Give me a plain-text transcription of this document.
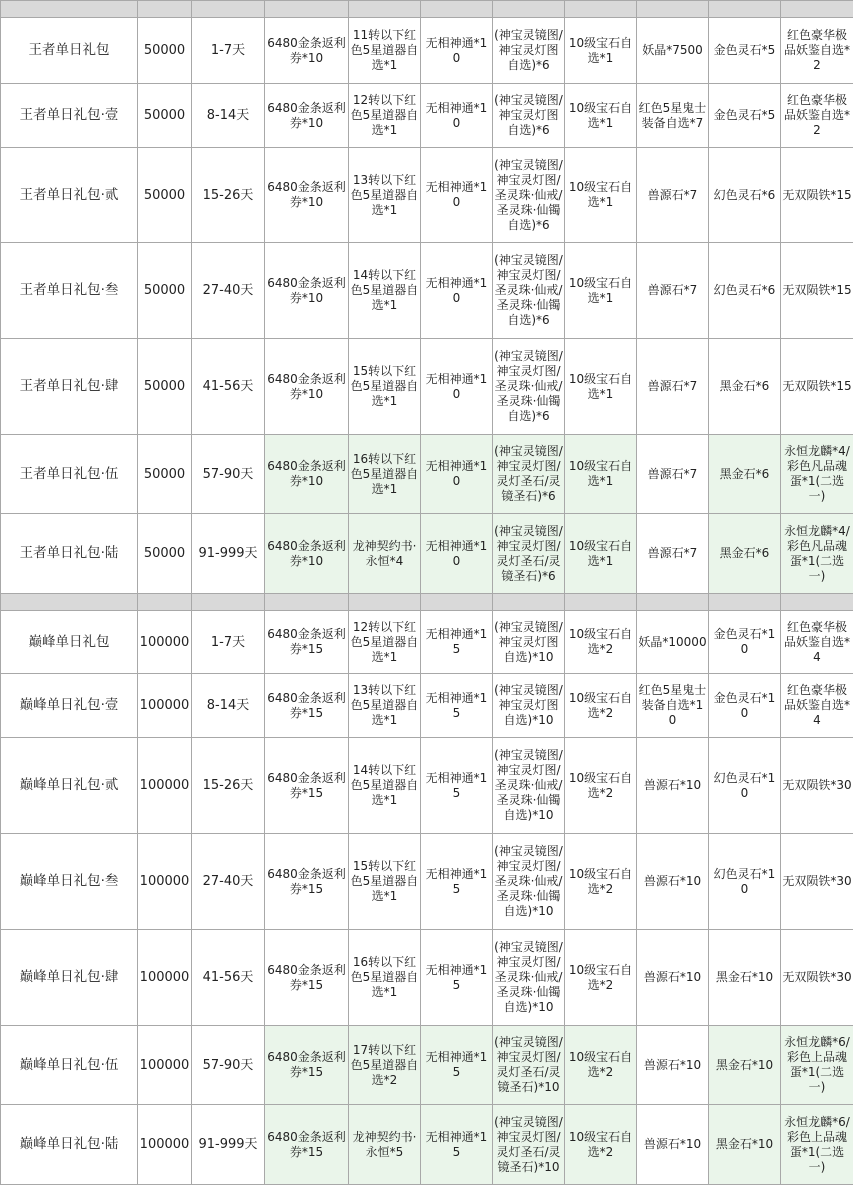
王者单日礼包	50000	1-7天	6480金条返利券*10	11转以下红色5星道器自选*1	无相神通*10	(神宝灵镜图/神宝灵灯图自选)*6	10级宝石自选*1	妖晶*7500	金色灵石*5	红色豪华极品妖鉴自选*2
王者单日礼包·壹	50000	8-14天	6480金条返利券*10	12转以下红色5星道器自选*1	无相神通*10	(神宝灵镜图/神宝灵灯图自选)*6	10级宝石自选*1	红色5星鬼士装备自选*7	金色灵石*5	红色豪华极品妖鉴自选*2
王者单日礼包·贰	50000	15-26天	6480金条返利券*10	13转以下红色5星道器自选*1	无相神通*10	(神宝灵镜图/神宝灵灯图/圣灵珠·仙戒/圣灵珠·仙镯自选)*6	10级宝石自选*1	兽源石*7	幻色灵石*6	无双陨铁*15
王者单日礼包·叁	50000	27-40天	6480金条返利券*10	14转以下红色5星道器自选*1	无相神通*10	(神宝灵镜图/神宝灵灯图/圣灵珠·仙戒/圣灵珠·仙镯自选)*6	10级宝石自选*1	兽源石*7	幻色灵石*6	无双陨铁*15
王者单日礼包·肆	50000	41-56天	6480金条返利券*10	15转以下红色5星道器自选*1	无相神通*10	(神宝灵镜图/神宝灵灯图/圣灵珠·仙戒/圣灵珠·仙镯自选)*6	10级宝石自选*1	兽源石*7	黑金石*6	无双陨铁*15
王者单日礼包·伍	50000	57-90天	6480金条返利券*10	16转以下红色5星道器自选*1	无相神通*10	(神宝灵镜图/神宝灵灯图/灵灯圣石/灵镜圣石)*6	10级宝石自选*1	兽源石*7	黑金石*6	永恒龙麟*4/彩色凡品魂蛋*1(二选一)
王者单日礼包·陆	50000	91-999天	6480金条返利券*10	龙神契约书·永恒*4	无相神通*10	(神宝灵镜图/神宝灵灯图/灵灯圣石/灵镜圣石)*6	10级宝石自选*1	兽源石*7	黑金石*6	永恒龙麟*4/彩色凡品魂蛋*1(二选一)

巅峰单日礼包	100000	1-7天	6480金条返利券*15	12转以下红色5星道器自选*1	无相神通*15	(神宝灵镜图/神宝灵灯图自选)*10	10级宝石自选*2	妖晶*10000	金色灵石*10	红色豪华极品妖鉴自选*4
巅峰单日礼包·壹	100000	8-14天	6480金条返利券*15	13转以下红色5星道器自选*1	无相神通*15	(神宝灵镜图/神宝灵灯图自选)*10	10级宝石自选*2	红色5星鬼士装备自选*10	金色灵石*10	红色豪华极品妖鉴自选*4
巅峰单日礼包·贰	100000	15-26天	6480金条返利券*15	14转以下红色5星道器自选*1	无相神通*15	(神宝灵镜图/神宝灵灯图/圣灵珠·仙戒/圣灵珠·仙镯自选)*10	10级宝石自选*2	兽源石*10	幻色灵石*10	无双陨铁*30
巅峰单日礼包·叁	100000	27-40天	6480金条返利券*15	15转以下红色5星道器自选*1	无相神通*15	(神宝灵镜图/神宝灵灯图/圣灵珠·仙戒/圣灵珠·仙镯自选)*10	10级宝石自选*2	兽源石*10	幻色灵石*10	无双陨铁*30
巅峰单日礼包·肆	100000	41-56天	6480金条返利券*15	16转以下红色5星道器自选*1	无相神通*15	(神宝灵镜图/神宝灵灯图/圣灵珠·仙戒/圣灵珠·仙镯自选)*10	10级宝石自选*2	兽源石*10	黑金石*10	无双陨铁*30
巅峰单日礼包·伍	100000	57-90天	6480金条返利券*15	17转以下红色5星道器自选*2	无相神通*15	(神宝灵镜图/神宝灵灯图/灵灯圣石/灵镜圣石)*10	10级宝石自选*2	兽源石*10	黑金石*10	永恒龙麟*6/彩色上品魂蛋*1(二选一)
巅峰单日礼包·陆	100000	91-999天	6480金条返利券*15	龙神契约书·永恒*5	无相神通*15	(神宝灵镜图/神宝灵灯图/灵灯圣石/灵镜圣石)*10	10级宝石自选*2	兽源石*10	黑金石*10	永恒龙麟*6/彩色上品魂蛋*1(二选一)
